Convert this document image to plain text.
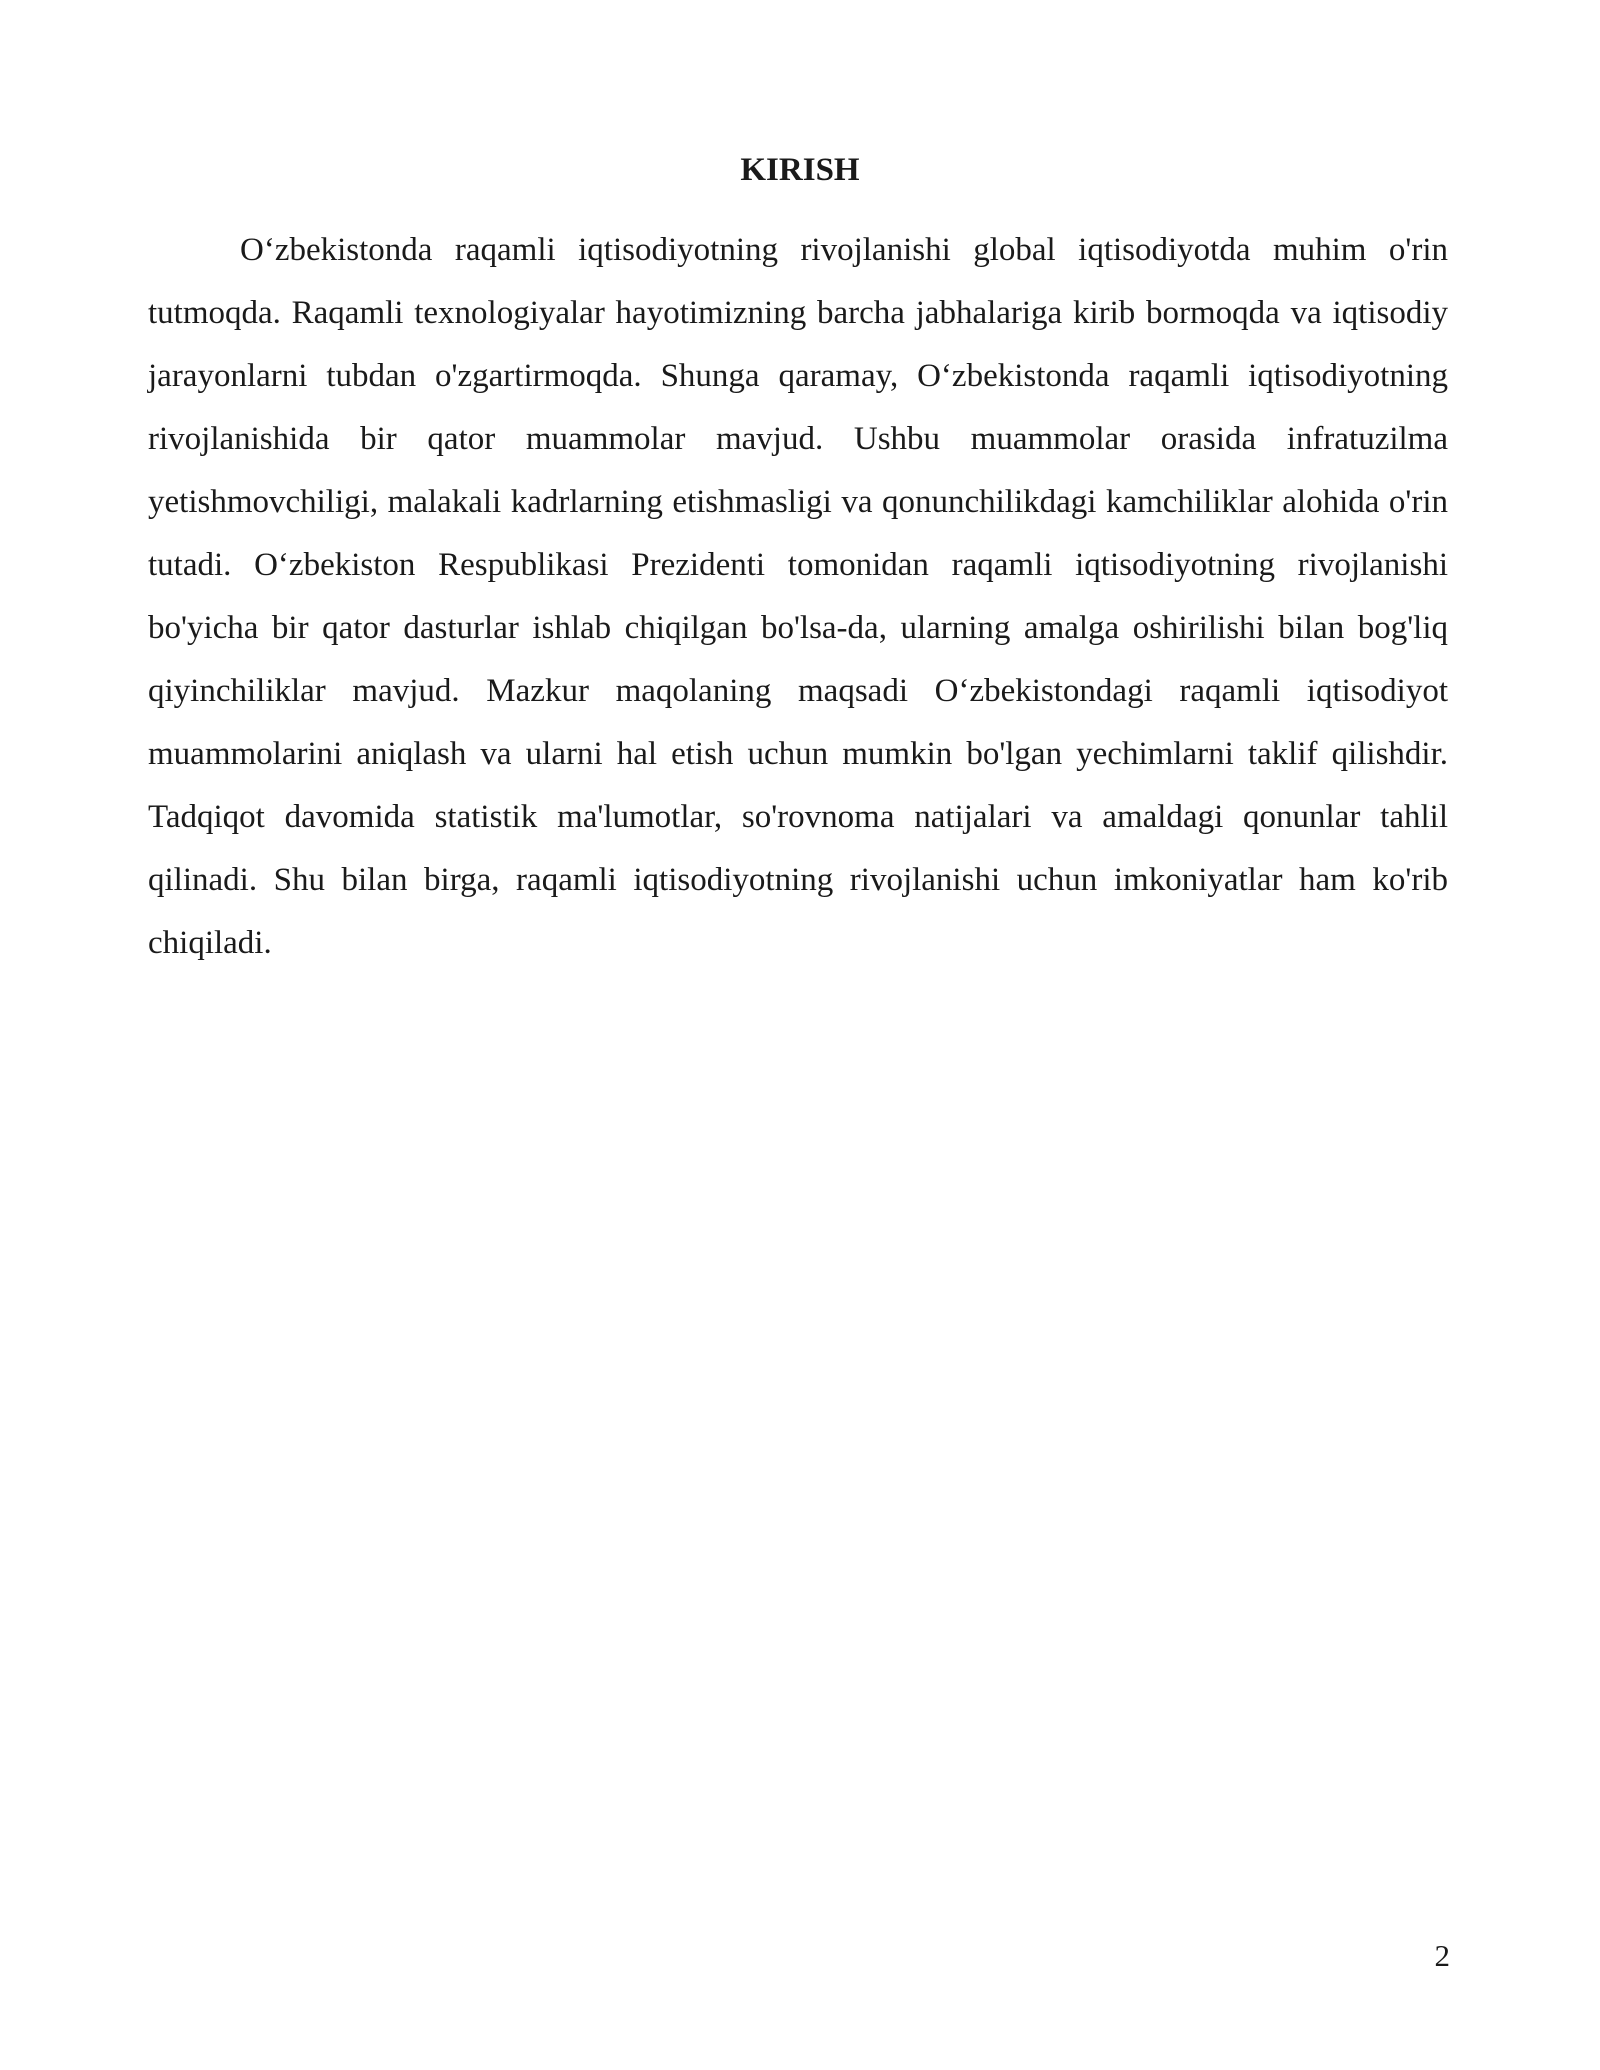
KIRISH

O‘zbekistonda raqamli iqtisodiyotning rivojlanishi global iqtisodiyotda muhim o'rin tutmoqda. Raqamli texnologiyalar hayotimizning barcha jabhalariga kirib bormoqda va iqtisodiy jarayonlarni tubdan o'zgartirmoqda. Shunga qaramay, O‘zbekistonda raqamli iqtisodiyotning rivojlanishida bir qator muammolar mavjud. Ushbu muammolar orasida infratuzilma yetishmovchiligi, malakali kadrlarning etishmasligi va qonunchilikdagi kamchiliklar alohida o'rin tutadi. O‘zbekiston Respublikasi Prezidenti tomonidan raqamli iqtisodiyotning rivojlanishi bo'yicha bir qator dasturlar ishlab chiqilgan bo'lsa-da, ularning amalga oshirilishi bilan bog'liq qiyinchiliklar mavjud. Mazkur maqolaning maqsadi O‘zbekistondagi raqamli iqtisodiyot muammolarini aniqlash va ularni hal etish uchun mumkin bo'lgan yechimlarni taklif qilishdir. Tadqiqot davomida statistik ma'lumotlar, so'rovnoma natijalari va amaldagi qonunlar tahlil qilinadi. Shu bilan birga, raqamli iqtisodiyotning rivojlanishi uchun imkoniyatlar ham ko'rib chiqiladi.

2
